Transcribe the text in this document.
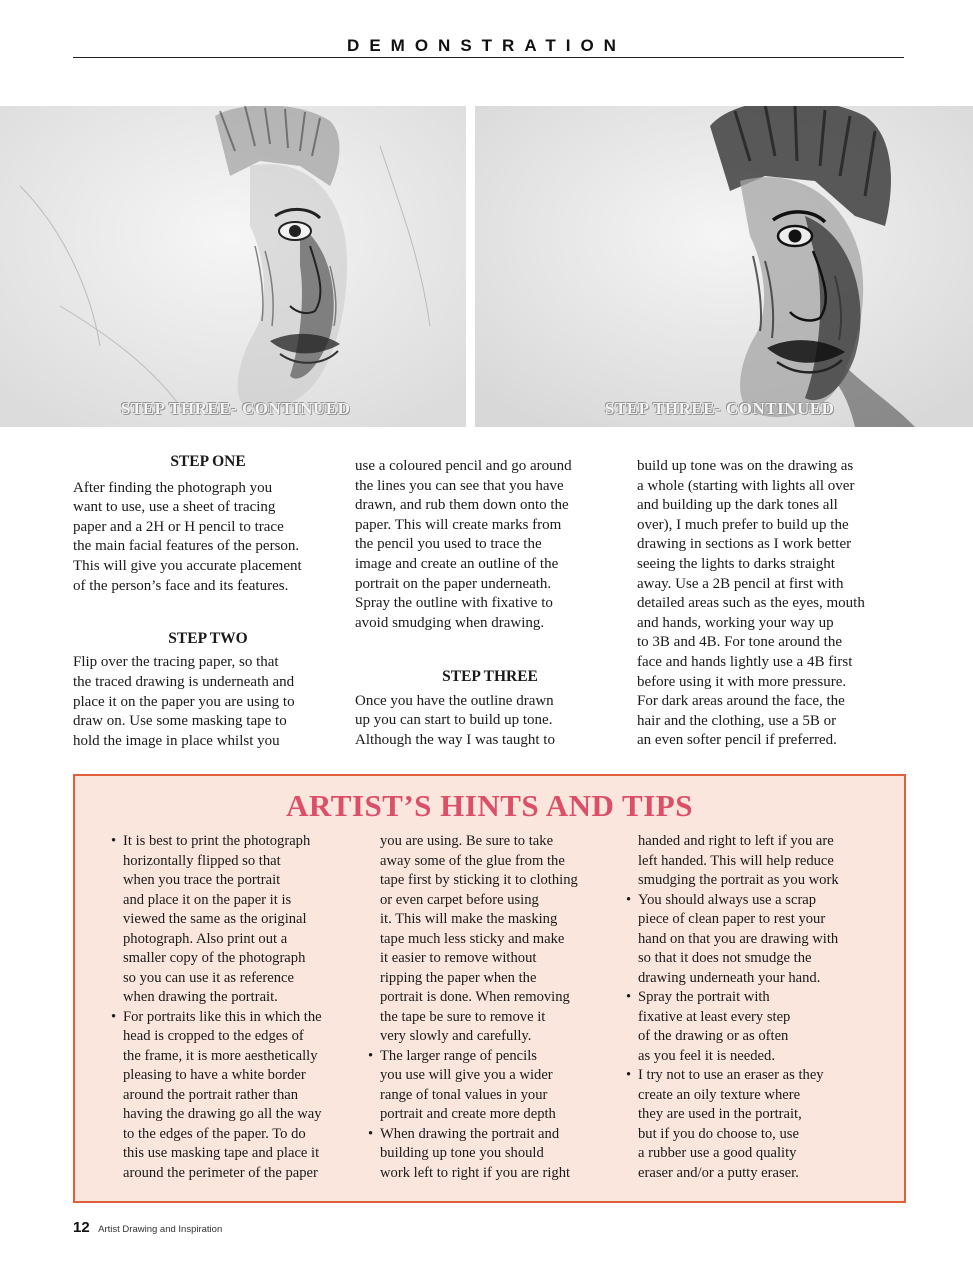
DEMONSTRATION
STEP THREE- CONTINUED	STEP THREE- CONTINUED
STEP ONE
After finding the photograph you
want to use, use a sheet of tracing
paper and a 2H or H pencil to trace
the main facial features of the person.
This will give you accurate placement
of the person’s face and its features.
STEP TWO
Flip over the tracing paper, so that
the traced drawing is underneath and
place it on the paper you are using to
draw on. Use some masking tape to
hold the image in place whilst you
use a coloured pencil and go around
the lines you can see that you have
drawn, and rub them down onto the
paper. This will create marks from
the pencil you used to trace the
image and create an outline of the
portrait on the paper underneath.
Spray the outline with fixative to
avoid smudging when drawing.
STEP THREE
Once you have the outline drawn
up you can start to build up tone.
Although the way I was taught to
build up tone was on the drawing as
a whole (starting with lights all over
and building up the dark tones all
over), I much prefer to build up the
drawing in sections as I work better
seeing the lights to darks straight
away. Use a 2B pencil at first with
detailed areas such as the eyes, mouth
and hands, working your way up
to 3B and 4B. For tone around the
face and hands lightly use a 4B first
before using it with more pressure.
For dark areas around the face, the
hair and the clothing, use a 5B or
an even softer pencil if preferred.
ARTIST’S HINTS AND TIPS
• It is best to print the photograph
horizontally flipped so that
when you trace the portrait
and place it on the paper it is
viewed the same as the original
photograph. Also print out a
smaller copy of the photograph
so you can use it as reference
when drawing the portrait.
• For portraits like this in which the
head is cropped to the edges of
the frame, it is more aesthetically
pleasing to have a white border
around the portrait rather than
having the drawing go all the way
to the edges of the paper. To do
this use masking tape and place it
around the perimeter of the paper
you are using. Be sure to take
away some of the glue from the
tape first by sticking it to clothing
or even carpet before using
it. This will make the masking
tape much less sticky and make
it easier to remove without
ripping the paper when the
portrait is done. When removing
the tape be sure to remove it
very slowly and carefully.
• The larger range of pencils
you use will give you a wider
range of tonal values in your
portrait and create more depth
• When drawing the portrait and
building up tone you should
work left to right if you are right
handed and right to left if you are
left handed. This will help reduce
smudging the portrait as you work
• You should always use a scrap
piece of clean paper to rest your
hand on that you are drawing with
so that it does not smudge the
drawing underneath your hand.
• Spray the portrait with
fixative at least every step
of the drawing or as often
as you feel it is needed.
• I try not to use an eraser as they
create an oily texture where
they are used in the portrait,
but if you do choose to, use
a rubber use a good quality
eraser and/or a putty eraser.
12 Artist Drawing and Inspiration
